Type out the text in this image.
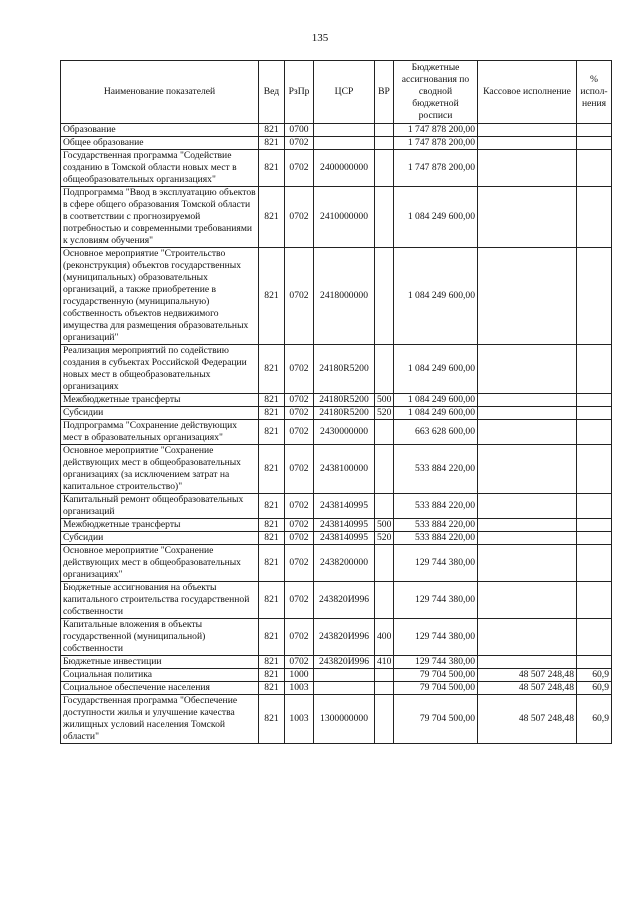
135
Наименование показателей	Вед	РзПр	ЦСР	ВР	Бюджетные ассигнования по сводной бюджетной росписи	Кассовое исполнение	% испол-нения
Образование	821	0700			1 747 878 200,00		
Общее образование	821	0702			1 747 878 200,00		
Государственная программа "Содействие созданию в Томской области новых мест в общеобразовательных организациях"	821	0702	2400000000		1 747 878 200,00		
Подпрограмма "Ввод в эксплуатацию объектов в сфере общего образования Томской области в соответствии с прогнозируемой потребностью и современными требованиями к условиям обучения"	821	0702	2410000000		1 084 249 600,00		
Основное мероприятие "Строительство (реконструкция) объектов государственных (муниципальных) образовательных организаций, а также приобретение в государственную (муниципальную) собственность объектов недвижимого имущества для размещения образовательных организаций"	821	0702	2418000000		1 084 249 600,00		
Реализация мероприятий по содействию создания в субъектах Российской Федерации новых мест в общеобразовательных организациях	821	0702	24180R5200		1 084 249 600,00		
Межбюджетные трансферты	821	0702	24180R5200	500	1 084 249 600,00		
Субсидии	821	0702	24180R5200	520	1 084 249 600,00		
Подпрограмма "Сохранение действующих мест в образовательных организациях"	821	0702	2430000000		663 628 600,00		
Основное мероприятие "Сохранение действующих мест в общеобразовательных организациях (за исключением затрат на капитальное строительство)"	821	0702	2438100000		533 884 220,00		
Капитальный ремонт общеобразовательных организаций	821	0702	2438140995		533 884 220,00		
Межбюджетные трансферты	821	0702	2438140995	500	533 884 220,00		
Субсидии	821	0702	2438140995	520	533 884 220,00		
Основное мероприятие "Сохранение действующих мест в общеобразовательных организациях"	821	0702	2438200000		129 744 380,00		
Бюджетные ассигнования на объекты капитального строительства государственной собственности	821	0702	243820И996		129 744 380,00		
Капитальные вложения в объекты государственной (муниципальной) собственности	821	0702	243820И996	400	129 744 380,00		
Бюджетные инвестиции	821	0702	243820И996	410	129 744 380,00		
Социальная политика	821	1000			79 704 500,00	48 507 248,48	60,9
Социальное обеспечение населения	821	1003			79 704 500,00	48 507 248,48	60,9
Государственная программа "Обеспечение доступности жилья и улучшение качества жилищных условий населения Томской области"	821	1003	1300000000		79 704 500,00	48 507 248,48	60,9
